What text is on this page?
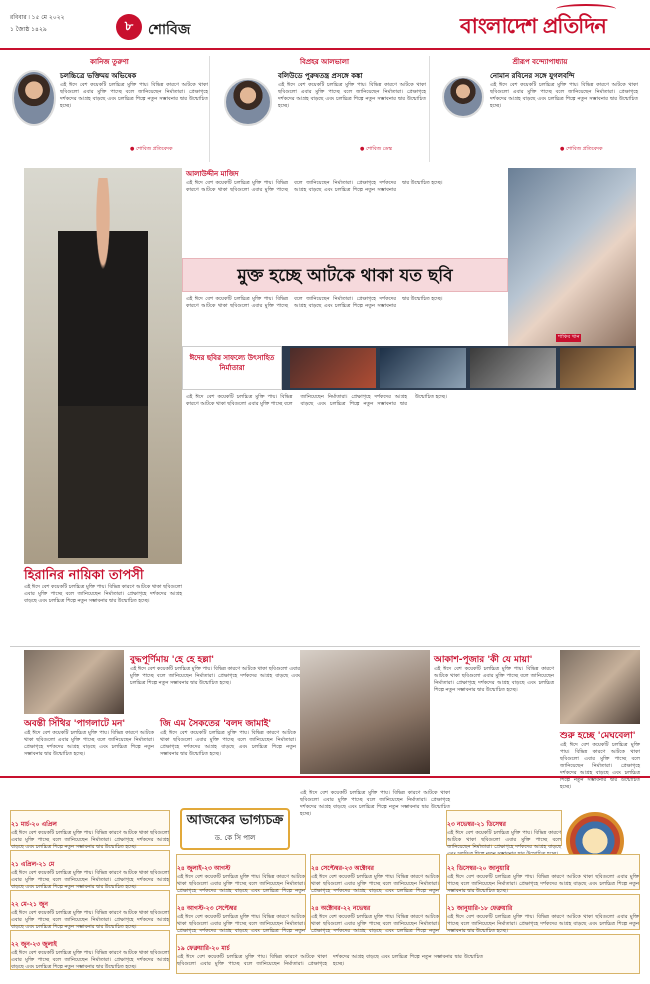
রবিবার ৷ ১৫ মে ২০২২
১ জ্যৈষ্ঠ ১৪২৯	৮	শোবিজ	বাংলাদেশ প্রতিদিন
কানিজ তুরুণা
চলচ্চিত্রে ভক্তিময় অভিষেক
এই ঈদে বেশ কয়েকটি চলচ্চিত্র মুক্তি পায়। বিভিন্ন কারণে আটকে থাকা ছবিগুলো এবার মুক্তি পাচ্ছে বলে জানিয়েছেন নির্মাতারা। প্রেক্ষাগৃহে দর্শকদের আগ্রহ বাড়ছে এবং চলচ্চিত্র শিল্পে নতুন সম্ভাবনার দ্বার উন্মোচিত হচ্ছে।
● শোবিজ প্রতিবেদক
বিপ্রহর আলভালা
বলিউডে পুরুষতন্ত্র প্রসঙ্গে কঙ্কা
এই ঈদে বেশ কয়েকটি চলচ্চিত্র মুক্তি পায়। বিভিন্ন কারণে আটকে থাকা ছবিগুলো এবার মুক্তি পাচ্ছে বলে জানিয়েছেন নির্মাতারা। প্রেক্ষাগৃহে দর্শকদের আগ্রহ বাড়ছে এবং চলচ্চিত্র শিল্পে নতুন সম্ভাবনার দ্বার উন্মোচিত হচ্ছে।
● শোবিজ ডেস্ক
শ্রীরূপ বন্দ্যোপাধ্যায়
নোমান রবিনের সঙ্গে যুগলবন্দি
এই ঈদে বেশ কয়েকটি চলচ্চিত্র মুক্তি পায়। বিভিন্ন কারণে আটকে থাকা ছবিগুলো এবার মুক্তি পাচ্ছে বলে জানিয়েছেন নির্মাতারা। প্রেক্ষাগৃহে দর্শকদের আগ্রহ বাড়ছে এবং চলচ্চিত্র শিল্পে নতুন সম্ভাবনার দ্বার উন্মোচিত হচ্ছে।
● শোবিজ প্রতিবেদক
আলাউদ্দীন মাজিদ
এই ঈদে বেশ কয়েকটি চলচ্চিত্র মুক্তি পায়। বিভিন্ন কারণে আটকে থাকা ছবিগুলো এবার মুক্তি পাচ্ছে বলে জানিয়েছেন নির্মাতারা। প্রেক্ষাগৃহে দর্শকদের আগ্রহ বাড়ছে এবং চলচ্চিত্র শিল্পে নতুন সম্ভাবনার দ্বার উন্মোচিত হচ্ছে।
মুক্ত হচ্ছে আটকে থাকা যত ছবি
এই ঈদে বেশ কয়েকটি চলচ্চিত্র মুক্তি পায়। বিভিন্ন কারণে আটকে থাকা ছবিগুলো এবার মুক্তি পাচ্ছে বলে জানিয়েছেন নির্মাতারা। প্রেক্ষাগৃহে দর্শকদের আগ্রহ বাড়ছে এবং চলচ্চিত্র শিল্পে নতুন সম্ভাবনার দ্বার উন্মোচিত হচ্ছে।
শাকিব খান
ঈদের ছবির সাফল্যে উৎসাহিত নির্মাতারা
হিরানির নায়িকা তাপসী
এই ঈদে বেশ কয়েকটি চলচ্চিত্র মুক্তি পায়। বিভিন্ন কারণে আটকে থাকা ছবিগুলো এবার মুক্তি পাচ্ছে বলে জানিয়েছেন নির্মাতারা। প্রেক্ষাগৃহে দর্শকদের আগ্রহ বাড়ছে এবং চলচ্চিত্র শিল্পে নতুন সম্ভাবনার দ্বার উন্মোচিত হচ্ছে।
এই ঈদে বেশ কয়েকটি চলচ্চিত্র মুক্তি পায়। বিভিন্ন কারণে আটকে থাকা ছবিগুলো এবার মুক্তি পাচ্ছে বলে জানিয়েছেন নির্মাতারা। প্রেক্ষাগৃহে দর্শকদের আগ্রহ বাড়ছে এবং চলচ্চিত্র শিল্পে নতুন সম্ভাবনার দ্বার উন্মোচিত হচ্ছে।
বুদ্ধপূর্ণিমায় 'হে হে হল্লা'
এই ঈদে বেশ কয়েকটি চলচ্চিত্র মুক্তি পায়। বিভিন্ন কারণে আটকে থাকা ছবিগুলো এবার মুক্তি পাচ্ছে বলে জানিয়েছেন নির্মাতারা। প্রেক্ষাগৃহে দর্শকদের আগ্রহ বাড়ছে এবং চলচ্চিত্র শিল্পে নতুন সম্ভাবনার দ্বার উন্মোচিত হচ্ছে।
আকাশ-পূজার 'কী যে মায়া'
এই ঈদে বেশ কয়েকটি চলচ্চিত্র মুক্তি পায়। বিভিন্ন কারণে আটকে থাকা ছবিগুলো এবার মুক্তি পাচ্ছে বলে জানিয়েছেন নির্মাতারা। প্রেক্ষাগৃহে দর্শকদের আগ্রহ বাড়ছে এবং চলচ্চিত্র শিল্পে নতুন সম্ভাবনার দ্বার উন্মোচিত হচ্ছে।
শুরু হচ্ছে 'মেঘবেলা'
এই ঈদে বেশ কয়েকটি চলচ্চিত্র মুক্তি পায়। বিভিন্ন কারণে আটকে থাকা ছবিগুলো এবার মুক্তি পাচ্ছে বলে জানিয়েছেন নির্মাতারা। প্রেক্ষাগৃহে দর্শকদের আগ্রহ বাড়ছে এবং চলচ্চিত্র শিল্পে নতুন সম্ভাবনার দ্বার উন্মোচিত হচ্ছে।
অবন্তী সিঁথির 'পাগলাটে মন'
এই ঈদে বেশ কয়েকটি চলচ্চিত্র মুক্তি পায়। বিভিন্ন কারণে আটকে থাকা ছবিগুলো এবার মুক্তি পাচ্ছে বলে জানিয়েছেন নির্মাতারা। প্রেক্ষাগৃহে দর্শকদের আগ্রহ বাড়ছে এবং চলচ্চিত্র শিল্পে নতুন সম্ভাবনার দ্বার উন্মোচিত হচ্ছে।
জি এম সৈকতের 'বলদ জামাই'
এই ঈদে বেশ কয়েকটি চলচ্চিত্র মুক্তি পায়। বিভিন্ন কারণে আটকে থাকা ছবিগুলো এবার মুক্তি পাচ্ছে বলে জানিয়েছেন নির্মাতারা। প্রেক্ষাগৃহে দর্শকদের আগ্রহ বাড়ছে এবং চলচ্চিত্র শিল্পে নতুন সম্ভাবনার দ্বার উন্মোচিত হচ্ছে।
আজকের ভাগ্যচক্র
ড. কে সি পাল
এই ঈদে বেশ কয়েকটি চলচ্চিত্র মুক্তি পায়। বিভিন্ন কারণে আটকে থাকা ছবিগুলো এবার মুক্তি পাচ্ছে বলে জানিয়েছেন নির্মাতারা। প্রেক্ষাগৃহে দর্শকদের আগ্রহ বাড়ছে এবং চলচ্চিত্র শিল্পে নতুন সম্ভাবনার দ্বার উন্মোচিত হচ্ছে।
২১ মার্চ-২০ এপ্রিল
এই ঈদে বেশ কয়েকটি চলচ্চিত্র মুক্তি পায়। বিভিন্ন কারণে আটকে থাকা ছবিগুলো এবার মুক্তি পাচ্ছে বলে জানিয়েছেন নির্মাতারা। প্রেক্ষাগৃহে দর্শকদের আগ্রহ বাড়ছে এবং চলচ্চিত্র শিল্পে নতুন সম্ভাবনার দ্বার উন্মোচিত হচ্ছে।
২১ এপ্রিল-২১ মে
এই ঈদে বেশ কয়েকটি চলচ্চিত্র মুক্তি পায়। বিভিন্ন কারণে আটকে থাকা ছবিগুলো এবার মুক্তি পাচ্ছে বলে জানিয়েছেন নির্মাতারা। প্রেক্ষাগৃহে দর্শকদের আগ্রহ বাড়ছে এবং চলচ্চিত্র শিল্পে নতুন সম্ভাবনার দ্বার উন্মোচিত হচ্ছে।
২২ মে-২১ জুন
এই ঈদে বেশ কয়েকটি চলচ্চিত্র মুক্তি পায়। বিভিন্ন কারণে আটকে থাকা ছবিগুলো এবার মুক্তি পাচ্ছে বলে জানিয়েছেন নির্মাতারা। প্রেক্ষাগৃহে দর্শকদের আগ্রহ বাড়ছে এবং চলচ্চিত্র শিল্পে নতুন সম্ভাবনার দ্বার উন্মোচিত হচ্ছে।
২২ জুন-২৩ জুলাই
এই ঈদে বেশ কয়েকটি চলচ্চিত্র মুক্তি পায়। বিভিন্ন কারণে আটকে থাকা ছবিগুলো এবার মুক্তি পাচ্ছে বলে জানিয়েছেন নির্মাতারা। প্রেক্ষাগৃহে দর্শকদের আগ্রহ বাড়ছে এবং চলচ্চিত্র শিল্পে নতুন সম্ভাবনার দ্বার উন্মোচিত হচ্ছে।
২৪ জুলাই-২৩ আগস্ট
এই ঈদে বেশ কয়েকটি চলচ্চিত্র মুক্তি পায়। বিভিন্ন কারণে আটকে থাকা ছবিগুলো এবার মুক্তি পাচ্ছে বলে জানিয়েছেন নির্মাতারা। প্রেক্ষাগৃহে দর্শকদের আগ্রহ বাড়ছে এবং চলচ্চিত্র শিল্পে নতুন
২৪ আগস্ট-২৩ সেপ্টেম্বর
এই ঈদে বেশ কয়েকটি চলচ্চিত্র মুক্তি পায়। বিভিন্ন কারণে আটকে থাকা ছবিগুলো এবার মুক্তি পাচ্ছে বলে জানিয়েছেন নির্মাতারা। প্রেক্ষাগৃহে দর্শকদের আগ্রহ বাড়ছে এবং চলচ্চিত্র শিল্পে নতুন
২৪ সেপ্টেম্বর-২৩ অক্টোবর
এই ঈদে বেশ কয়েকটি চলচ্চিত্র মুক্তি পায়। বিভিন্ন কারণে আটকে থাকা ছবিগুলো এবার মুক্তি পাচ্ছে বলে জানিয়েছেন নির্মাতারা। প্রেক্ষাগৃহে দর্শকদের আগ্রহ বাড়ছে এবং চলচ্চিত্র শিল্পে নতুন
২৪ অক্টোবর-২২ নভেম্বর
এই ঈদে বেশ কয়েকটি চলচ্চিত্র মুক্তি পায়। বিভিন্ন কারণে আটকে থাকা ছবিগুলো এবার মুক্তি পাচ্ছে বলে জানিয়েছেন নির্মাতারা। প্রেক্ষাগৃহে দর্শকদের আগ্রহ বাড়ছে এবং চলচ্চিত্র শিল্পে নতুন
২৩ নভেম্বর-২১ ডিসেম্বর
এই ঈদে বেশ কয়েকটি চলচ্চিত্র মুক্তি পায়। বিভিন্ন কারণে আটকে থাকা ছবিগুলো এবার মুক্তি পাচ্ছে বলে জানিয়েছেন নির্মাতারা। প্রেক্ষাগৃহে দর্শকদের আগ্রহ বাড়ছে
২২ ডিসেম্বর-২০ জানুয়ারি
এই ঈদে বেশ কয়েকটি চলচ্চিত্র মুক্তি পায়। বিভিন্ন কারণে আটকে থাকা ছবিগুলো এবার মুক্তি পাচ্ছে বলে জানিয়েছেন নির্মাতারা। প্রেক্ষাগৃহে দর্শকদের আগ্রহ বাড়ছে এবং চলচ্চিত্র শিল্পে নতুন সম্ভাবনার দ্বার উন্মোচিত হচ্ছে।
২১ জানুয়ারি-১৮ ফেব্রুয়ারি
এই ঈদে বেশ কয়েকটি চলচ্চিত্র মুক্তি পায়। বিভিন্ন কারণে আটকে থাকা ছবিগুলো এবার মুক্তি পাচ্ছে বলে জানিয়েছেন নির্মাতারা। প্রেক্ষাগৃহে দর্শকদের আগ্রহ বাড়ছে এবং চলচ্চিত্র শিল্পে নতুন সম্ভাবনার দ্বার উন্মোচিত হচ্ছে।
১৯ ফেব্রুয়ারি-২০ মার্চ
এই ঈদে বেশ কয়েকটি চলচ্চিত্র মুক্তি পায়। বিভিন্ন কারণে আটকে থাকা ছবিগুলো এবার মুক্তি পাচ্ছে বলে জানিয়েছেন নির্মাতারা। প্রেক্ষাগৃহে দর্শকদের আগ্রহ বাড়ছে এবং চলচ্চিত্র শিল্পে নতুন সম্ভাবনার দ্বার উন্মোচিত হচ্ছে।
